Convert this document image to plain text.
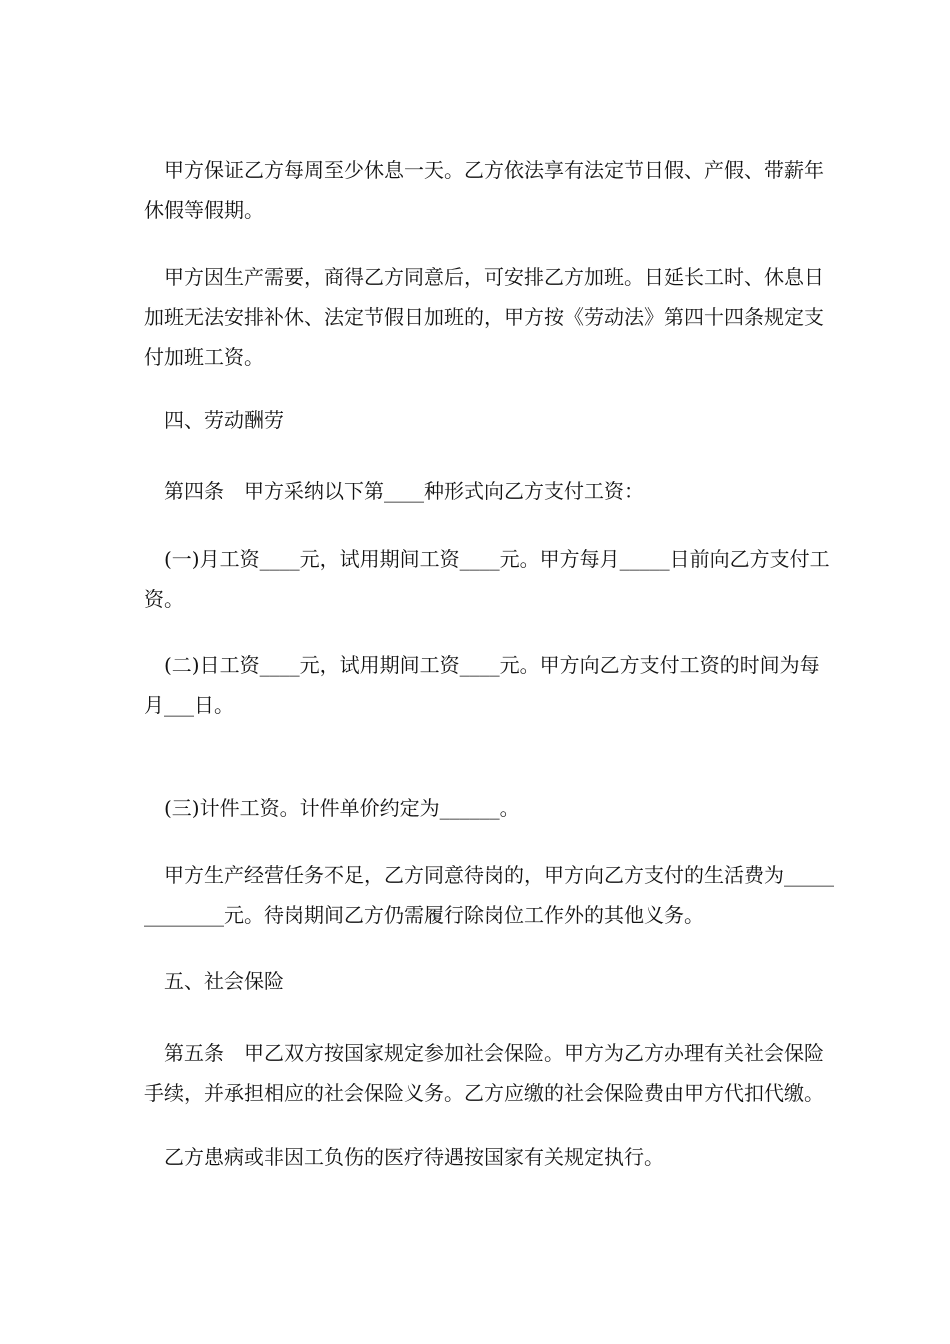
　甲方保证乙方每周至少休息一天。乙方依法享有法定节日假、产假、带薪年
休假等假期。
　甲方因生产需要，商得乙方同意后，可安排乙方加班。日延长工时、休息日
加班无法安排补休、法定节假日加班的，甲方按《劳动法》第四十四条规定支
付加班工资。
　四、劳动酬劳
　第四条　甲方采纳以下第____种形式向乙方支付工资：
　(一)月工资____元，试用期间工资____元。甲方每月_____日前向乙方支付工
资。
　(二)日工资____元，试用期间工资____元。甲方向乙方支付工资的时间为每
月___日。
　(三)计件工资。计件单价约定为______。
　甲方生产经营任务不足，乙方同意待岗的，甲方向乙方支付的生活费为_____
________元。待岗期间乙方仍需履行除岗位工作外的其他义务。
　五、社会保险
　第五条　甲乙双方按国家规定参加社会保险。甲方为乙方办理有关社会保险
手续，并承担相应的社会保险义务。乙方应缴的社会保险费由甲方代扣代缴。
　乙方患病或非因工负伤的医疗待遇按国家有关规定执行。
